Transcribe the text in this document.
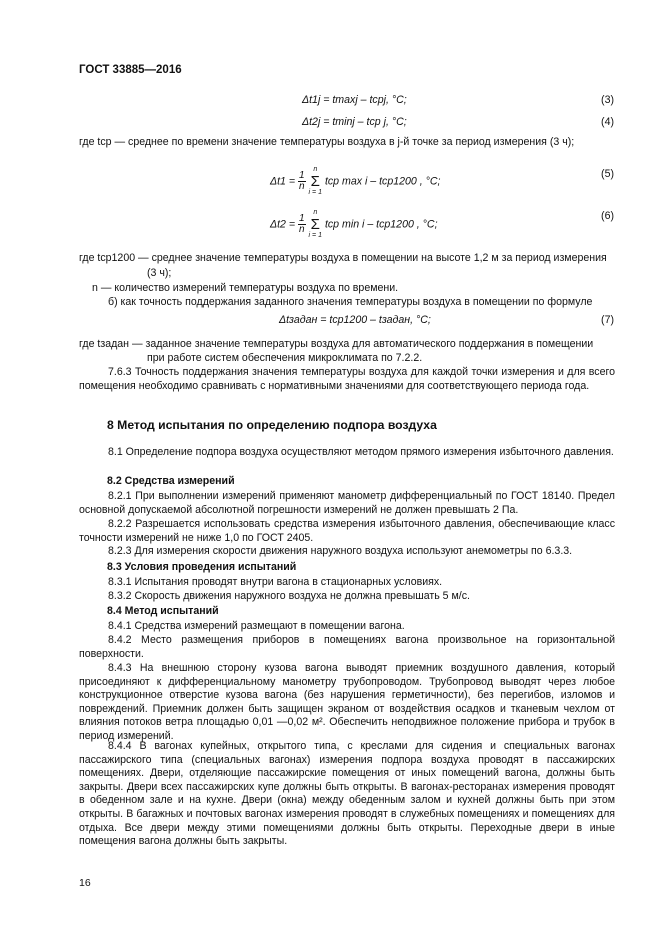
ГОСТ 33885—2016
Δt1j = tmaxj – tcpj, °С;	(3)
Δt2j = tminj – tср j, °С;	(4)
где tср — среднее по времени значение температуры воздуха в j-й точке за период измерения (3 ч);
$\Delta t1 = \frac{1}{n}$ n
Σ
i = 1 tср max i – tср1200 , °С;
(5)
$\Delta t2 = \frac{1}{n}$ n
Σ
i = 1 tср min i – tср1200 , °С;
(6)
где tср1200 — среднее значение температуры воздуха в помещении на высоте 1,2 м за период измерения
(3 ч);
n — количество измерений температуры воздуха по времени.
б) как точность поддержания заданного значения температуры воздуха в помещении по формуле
Δtзадан = tср1200 – tзадан, °С;	(7)
где tзадан — заданное значение температуры воздуха для автоматического поддержания в помещении
при работе систем обеспечения микроклимата по 7.2.2.
7.6.3 Точность поддержания значения температуры воздуха для каждой точки измерения и для всего помещения необходимо сравнивать с нормативными значениями для соответствующего периода года.
8 Метод испытания по определению подпора воздуха
8.1 Определение подпора воздуха осуществляют методом прямого измерения избыточного давления.
8.2 Средства измерений
8.2.1 При выполнении измерений применяют манометр дифференциальный по ГОСТ 18140. Предел основной допускаемой абсолютной погрешности измерений не должен превышать 2 Па.
8.2.2 Разрешается использовать средства измерения избыточного давления, обеспечивающие класс точности измерений не ниже 1,0 по ГОСТ 2405.
8.2.3 Для измерения скорости движения наружного воздуха используют анемометры по 6.3.3.
8.3 Условия проведения испытаний
8.3.1 Испытания проводят внутри вагона в стационарных условиях.
8.3.2 Скорость движения наружного воздуха не должна превышать 5 м/с.
8.4 Метод испытаний
8.4.1 Средства измерений размещают в помещении вагона.
8.4.2 Место размещения приборов в помещениях вагона произвольное на горизонтальной поверхности.
8.4.3 На внешнюю сторону кузова вагона выводят приемник воздушного давления, который присоединяют к дифференциальному манометру трубопроводом. Трубопровод выводят через любое конструкционное отверстие кузова вагона (без нарушения герметичности), без перегибов, изломов и повреждений. Приемник должен быть защищен экраном от воздействия осадков и тканевым чехлом от влияния потоков ветра площадью 0,01 —0,02 м². Обеспечить неподвижное положение прибора и трубок в период измерений.
8.4.4 В вагонах купейных, открытого типа, с креслами для сидения и специальных вагонах пассажирского типа (специальных вагонах) измерения подпора воздуха проводят в пассажирских помещениях. Двери, отделяющие пассажирские помещения от иных помещений вагона, должны быть закрыты. Двери всех пассажирских купе должны быть открыты. В вагонах-ресторанах измерения проводят в обеденном зале и на кухне. Двери (окна) между обеденным залом и кухней должны быть при этом открыты. В багажных и почтовых вагонах измерения проводят в служебных помещениях и помещениях для отдыха. Все двери между этими помещениями должны быть открыты. Переходные двери в иные помещения вагона должны быть закрыты.
16
